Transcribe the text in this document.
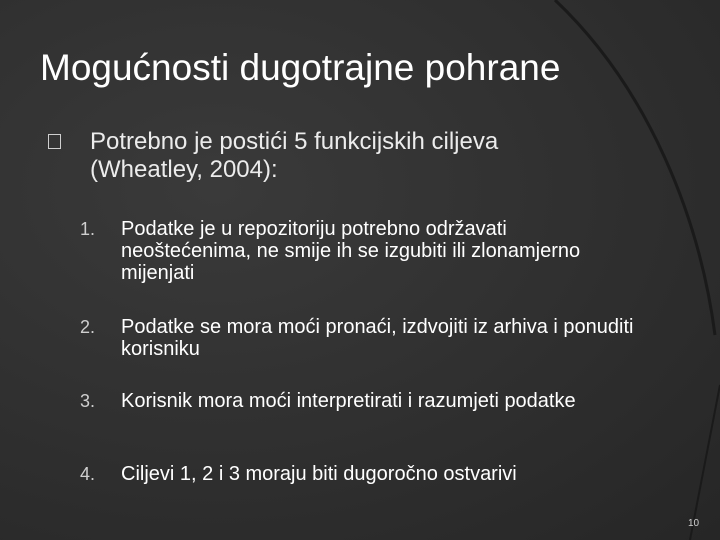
Mogućnosti dugotrajne pohrane
Potrebno je postići 5 funkcijskih ciljeva (Wheatley, 2004):
1. Podatke je u repozitoriju potrebno održavati neoštećenima, ne smije ih se izgubiti ili zlonamjerno mijenjati
2. Podatke se mora moći pronaći, izdvojiti iz arhiva i ponuditi korisniku
3. Korisnik mora moći interpretirati i razumjeti podatke
4. Ciljevi 1, 2 i 3 moraju biti dugoročno ostvarivi
10
